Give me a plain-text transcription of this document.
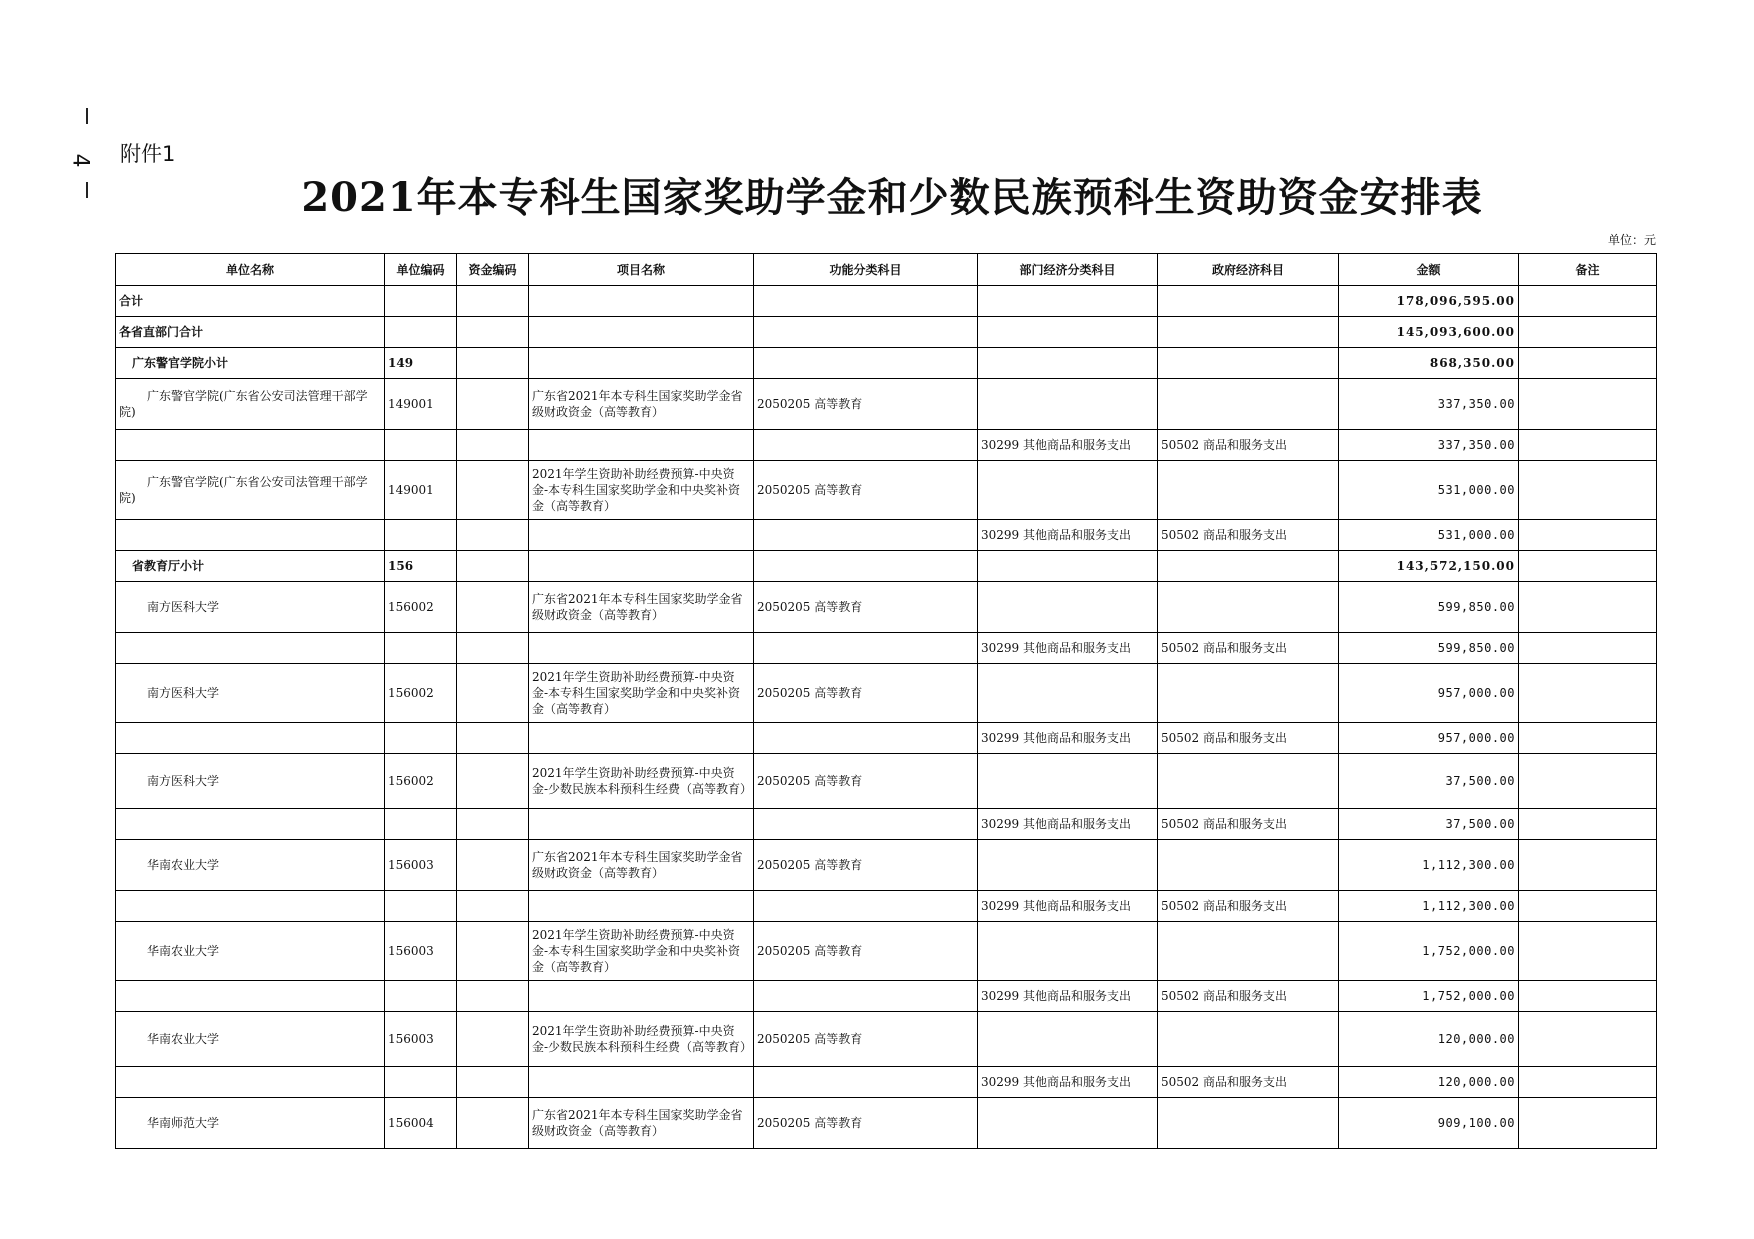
4 附件1
2021年本专科生国家奖助学金和少数民族预科生资助资金安排表
单位：元
单位名称	单位编码	资金编码	项目名称	功能分类科目	部门经济分类科目	政府经济科目	金额	备注
合计							178,096,595.00	
各省直部门合计							145,093,600.00	
广东警官学院小计	149						868,350.00	
广东警官学院(广东省公安司法管理干部学院)	149001		广东省2021年本专科生国家奖助学金省级财政资金（高等教育）	2050205 高等教育			337,350.00	
					30299 其他商品和服务支出	50502 商品和服务支出	337,350.00	
广东警官学院(广东省公安司法管理干部学院)	149001		2021年学生资助补助经费预算-中央资金-本专科生国家奖助学金和中央奖补资金（高等教育）	2050205 高等教育			531,000.00	
					30299 其他商品和服务支出	50502 商品和服务支出	531,000.00	
省教育厅小计	156						143,572,150.00	
南方医科大学	156002		广东省2021年本专科生国家奖助学金省级财政资金（高等教育）	2050205 高等教育			599,850.00	
					30299 其他商品和服务支出	50502 商品和服务支出	599,850.00	
南方医科大学	156002		2021年学生资助补助经费预算-中央资金-本专科生国家奖助学金和中央奖补资金（高等教育）	2050205 高等教育			957,000.00	
					30299 其他商品和服务支出	50502 商品和服务支出	957,000.00	
南方医科大学	156002		2021年学生资助补助经费预算-中央资金-少数民族本科预科生经费（高等教育）	2050205 高等教育			37,500.00	
					30299 其他商品和服务支出	50502 商品和服务支出	37,500.00	
华南农业大学	156003		广东省2021年本专科生国家奖助学金省级财政资金（高等教育）	2050205 高等教育			1,112,300.00	
					30299 其他商品和服务支出	50502 商品和服务支出	1,112,300.00	
华南农业大学	156003		2021年学生资助补助经费预算-中央资金-本专科生国家奖助学金和中央奖补资金（高等教育）	2050205 高等教育			1,752,000.00	
					30299 其他商品和服务支出	50502 商品和服务支出	1,752,000.00	
华南农业大学	156003		2021年学生资助补助经费预算-中央资金-少数民族本科预科生经费（高等教育）	2050205 高等教育			120,000.00	
					30299 其他商品和服务支出	50502 商品和服务支出	120,000.00	
华南师范大学	156004		广东省2021年本专科生国家奖助学金省级财政资金（高等教育）	2050205 高等教育			909,100.00	
